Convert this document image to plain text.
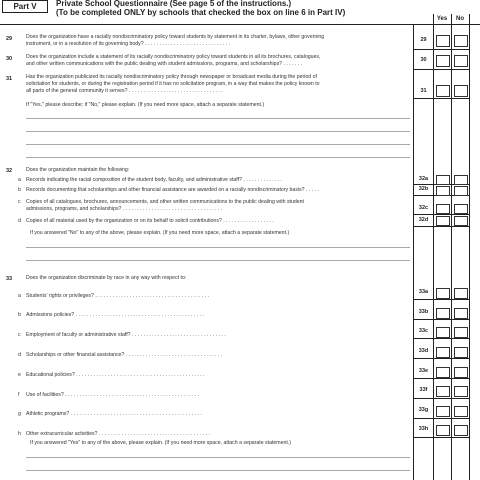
Part V	Private School Questionnaire (See page 5 of the instructions.)
(To be completed ONLY by schools that checked the box on line 6 in Part IV)
Yes	No
29	Does the organization have a racially nondiscriminatory policy toward students by statement in its charter, bylaws, other governing
instrument, or in a resolution of its governing body? . . . . . . . . . . . . . . . . . . . . . . . . . . . . . .
29
30	Does the organization include a statement of its racially nondiscriminatory policy toward students in all its brochures, catalogues,
and other written communications with the public dealing with student admissions, programs, and scholarships? . . . . . . .
30
31	Has the organization publicized its racially nondiscriminatory policy through newspaper or broadcast media during the period of
solicitation for students, or during the registration period if it has no solicitation program, in a way that makes the policy known to
all parts of the general community it serves? . . . . . . . . . . . . . . . . . . . . . . . . . . . . . . . . .	31
If "Yes," please describe; if "No," please explain. (If you need more space, attach a separate statement.)
32	Does the organization maintain the following:
a Records indicating the racial composition of the student body, faculty, and administrative staff? . . . . . . . . . . . . . .	32a
b Records documenting that scholarships and other financial assistance are awarded on a racially nondiscriminatory basis? . . . . .	32b
c Copies of all catalogues, brochures, announcements, and other written communications to the public dealing with student
admissions, programs, and scholarships? . . . . . . . . . . . . . . . . . . . . . . . . . . . . . . . . . . .	32c
d Copies of all material used by the organization or on its behalf to solicit contributions? . . . . . . . . . . . . . . . . . .	32d
If you answered "No" to any of the above, please explain. (If you need more space, attach a separate statement.)
33	Does the organization discriminate by race in any way with respect to:
a Students' rights or privileges? . . . . . . . . . . . . . . . . . . . . . . . . . . . . . . . . . . . . . . . .
33a
b Admissions policies? . . . . . . . . . . . . . . . . . . . . . . . . . . . . . . . . . . . . . . . . . . . . .	33b
c Employment of faculty or administrative staff? . . . . . . . . . . . . . . . . . . . . . . . . . . . . . . . . .
33c
d Scholarships or other financial assistance? . . . . . . . . . . . . . . . . . . . . . . . . . . . . . . . . . .
33d
e Educational policies? . . . . . . . . . . . . . . . . . . . . . . . . . . . . . . . . . . . . . . . . . . . . .
33e
f Use of facilities? . . . . . . . . . . . . . . . . . . . . . . . . . . . . . . . . . . . . . . . . . . . . . . .
33f
g Athletic programs? . . . . . . . . . . . . . . . . . . . . . . . . . . . . . . . . . . . . . . . . . . . . . .
33g
h Other extracurricular activities? . . . . . . . . . . . . . . . . . . . . . . . . . . . . . . . . . . . . . . .
33h
If you answered "Yes" to any of the above, please explain. (If you need more space, attach a separate statement.)
